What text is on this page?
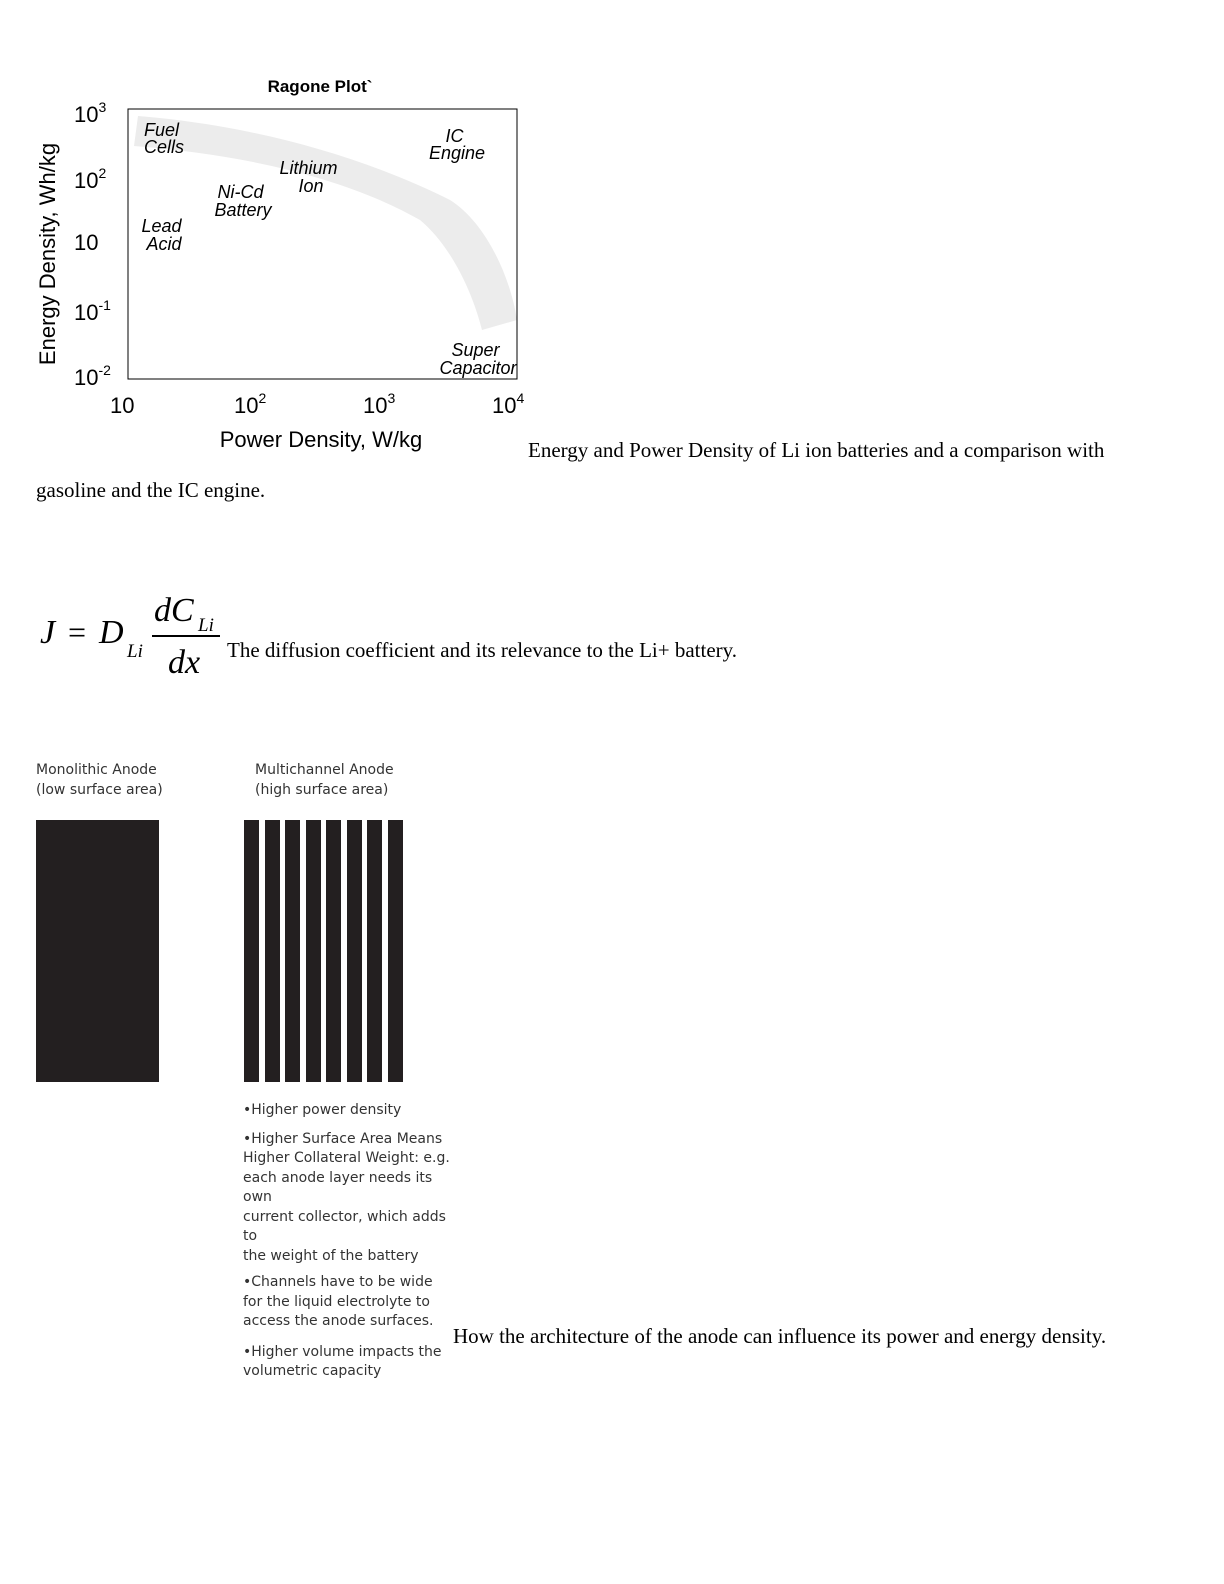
Ragone Plot`
$10^3$
$10^2$
10
$10^{-1}$
$10^{-2}$
10	$10^2$	$10^3$	$10^4$
Power Density, W/kg
Energy Density, Wh/kg
Fuel Cells
IC Engine
Lithium Ion
Ni-Cd Battery
Lead Acid
Super Capacitor
Energy and Power Density of Li ion batteries and a comparison with
gasoline and the IC engine.
J = D
Li
dC Li
dx The diffusion coefficient and its relevance to the Li+ battery.
Monolithic Anode
(low surface area)
Multichannel Anode
(high surface area)
•Higher power density
•Higher Surface Area Means
Higher Collateral Weight: e.g.
each anode layer needs its own
current collector, which adds to
the weight of the battery
•Channels have to be wide
for the liquid electrolyte to
access the anode surfaces.
•Higher volume impacts the
volumetric capacity
How the architecture of the anode can influence its power and energy density.
